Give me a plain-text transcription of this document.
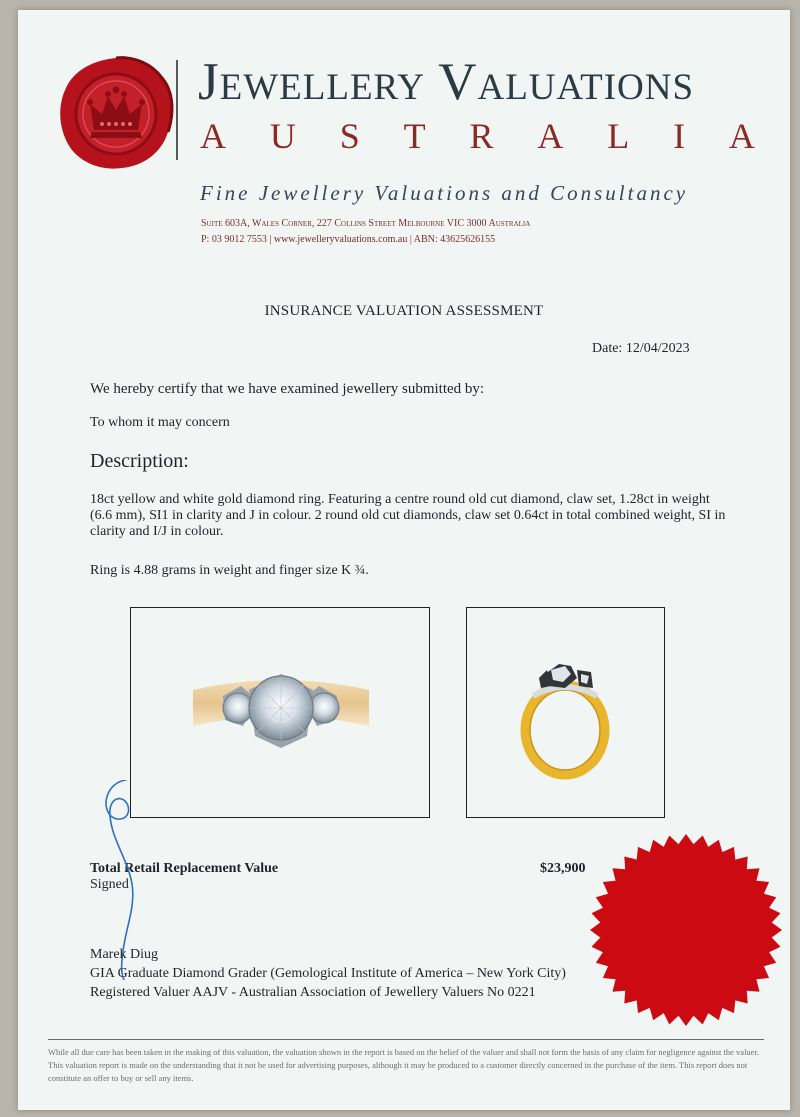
Jewellery Valuations
A U S T R A L I A
Fine Jewellery Valuations and Consultancy
Suite 603A, Wales Corner, 227 Collins Street Melbourne VIC 3000 Australia
P: 03 9012 7553 | www.jewelleryvaluations.com.au | ABN: 43625626155
INSURANCE VALUATION ASSESSMENT
Date: 12/04/2023
We hereby certify that we have examined jewellery submitted by:
To whom it may concern
Description:
18ct yellow and white gold diamond ring. Featuring a centre round old cut diamond, claw set, 1.28ct in weight (6.6 mm), SI1 in clarity and J in colour. 2 round old cut diamonds, claw set 0.64ct in total combined weight, SI in clarity and I/J in colour.
Ring is 4.88 grams in weight and finger size K ¾.
Total Retail Replacement Value	$23,900
Signed
Marek Diug
GIA Graduate Diamond Grader (Gemological Institute of America – New York City)
Registered Valuer AAJV - Australian Association of Jewellery Valuers No 0221
While all due care has been taken in the making of this valuation, the valuation shown in the report is based on the belief of the valuer and shall not form the basis of any claim for negligence against the valuer. This valuation report is made on the understanding that it not be used for advertising purposes, although it may be produced to a customer directly concerned in the purchase of the item. This report does not constitute an offer to buy or sell any items.
